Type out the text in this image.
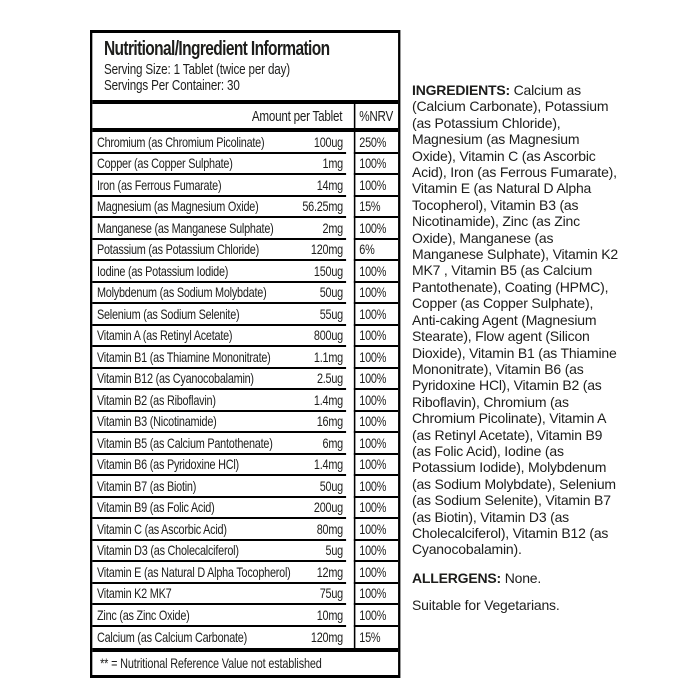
Nutritional/Ingredient Information
Serving Size: 1 Tablet (twice per day)
Servings Per Container: 30
Amount per Tablet	%NRV
Chromium (as Chromium Picolinate)	100ug	250%
Copper (as Copper Sulphate)	1mg	100%
Iron (as Ferrous Fumarate)	14mg	100%
Magnesium (as Magnesium Oxide)	56.25mg	15%
Manganese (as Manganese Sulphate)	2mg	100%
Potassium (as Potassium Chloride)	120mg	6%
Iodine (as Potassium Iodide)	150ug	100%
Molybdenum (as Sodium Molybdate)	50ug	100%
Selenium (as Sodium Selenite)	55ug	100%
Vitamin A (as Retinyl Acetate)	800ug	100%
Vitamin B1 (as Thiamine Mononitrate)	1.1mg	100%
Vitamin B12 (as Cyanocobalamin)	2.5ug	100%
Vitamin B2 (as Riboflavin)	1.4mg	100%
Vitamin B3 (Nicotinamide)	16mg	100%
Vitamin B5 (as Calcium Pantothenate)	6mg	100%
Vitamin B6 (as Pyridoxine HCl)	1.4mg	100%
Vitamin B7 (as Biotin)	50ug	100%
Vitamin B9 (as Folic Acid)	200ug	100%
Vitamin C (as Ascorbic Acid)	80mg	100%
Vitamin D3 (as Cholecalciferol)	5ug	100%
Vitamin E (as Natural D Alpha Tocopherol)	12mg	100%
Vitamin K2 MK7	75ug	100%
Zinc (as Zinc Oxide)	10mg	100%
Calcium (as Calcium Carbonate)	120mg	15%
** = Nutritional Reference Value not established
INGREDIENTS: Calcium as (Calcium Carbonate), Potassium (as Potassium Chloride), Magnesium (as Magnesium Oxide), Vitamin C (as Ascorbic Acid), Iron (as Ferrous Fumarate), Vitamin E (as Natural D Alpha Tocopherol), Vitamin B3 (as Nicotinamide), Zinc (as Zinc Oxide), Manganese (as Manganese Sulphate), Vitamin K2 MK7 , Vitamin B5 (as Calcium Pantothenate), Coating (HPMC), Copper (as Copper Sulphate), Anti-caking Agent (Magnesium Stearate), Flow agent (Silicon Dioxide), Vitamin B1 (as Thiamine Mononitrate), Vitamin B6 (as Pyridoxine HCl), Vitamin B2 (as Riboflavin), Chromium (as Chromium Picolinate), Vitamin A (as Retinyl Acetate), Vitamin B9 (as Folic Acid), Iodine (as Potassium Iodide), Molybdenum (as Sodium Molybdate), Selenium (as Sodium Selenite), Vitamin B7 (as Biotin), Vitamin D3 (as Cholecalciferol), Vitamin B12 (as Cyanocobalamin).
ALLERGENS: None.
Suitable for Vegetarians.
